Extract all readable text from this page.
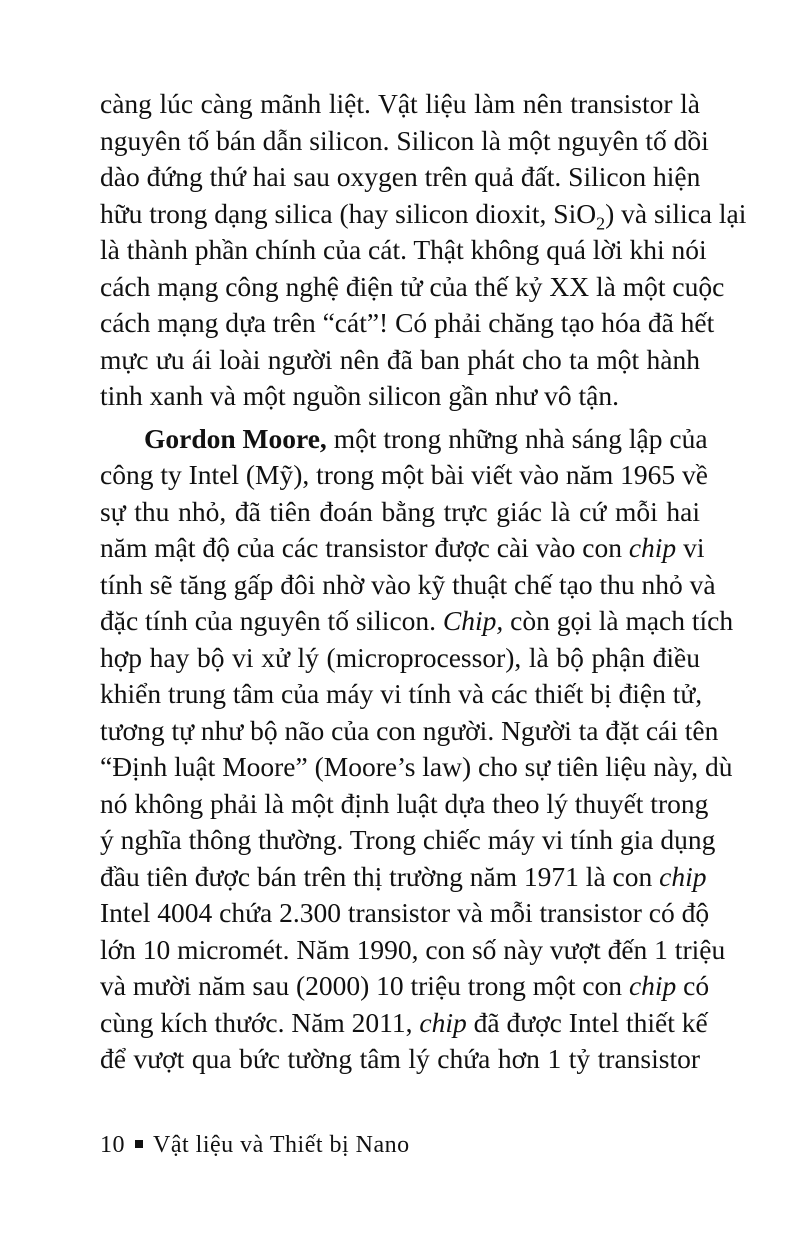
càng lúc càng mãnh liệt. Vật liệu làm nên transistor là
nguyên tố bán dẫn silicon. Silicon là một nguyên tố dồi
dào đứng thứ hai sau oxygen trên quả đất. Silicon hiện
hữu trong dạng silica (hay silicon dioxit, SiO$_2$) và silica lại
là thành phần chính của cát. Thật không quá lời khi nói
cách mạng công nghệ điện tử của thế kỷ XX là một cuộc
cách mạng dựa trên “cát”! Có phải chăng tạo hóa đã hết
mực ưu ái loài người nên đã ban phát cho ta một hành
tinh xanh và một nguồn silicon gần như vô tận.
Gordon Moore, một trong những nhà sáng lập của
công ty Intel (Mỹ), trong một bài viết vào năm 1965 về
sự thu nhỏ, đã tiên đoán bằng trực giác là cứ mỗi hai
năm mật độ của các transistor được cài vào con chip vi
tính sẽ tăng gấp đôi nhờ vào kỹ thuật chế tạo thu nhỏ và
đặc tính của nguyên tố silicon. Chip, còn gọi là mạch tích
hợp hay bộ vi xử lý (microprocessor), là bộ phận điều
khiển trung tâm của máy vi tính và các thiết bị điện tử,
tương tự như bộ não của con người. Người ta đặt cái tên
“Định luật Moore” (Moore’s law) cho sự tiên liệu này, dù
nó không phải là một định luật dựa theo lý thuyết trong
ý nghĩa thông thường. Trong chiếc máy vi tính gia dụng
đầu tiên được bán trên thị trường năm 1971 là con chip
Intel 4004 chứa 2.300 transistor và mỗi transistor có độ
lớn 10 micromét. Năm 1990, con số này vượt đến 1 triệu
và mười năm sau (2000) 10 triệu trong một con chip có
cùng kích thước. Năm 2011, chip đã được Intel thiết kế
để vượt qua bức tường tâm lý chứa hơn 1 tỷ transistor
10 Vật liệu và Thiết bị Nano
